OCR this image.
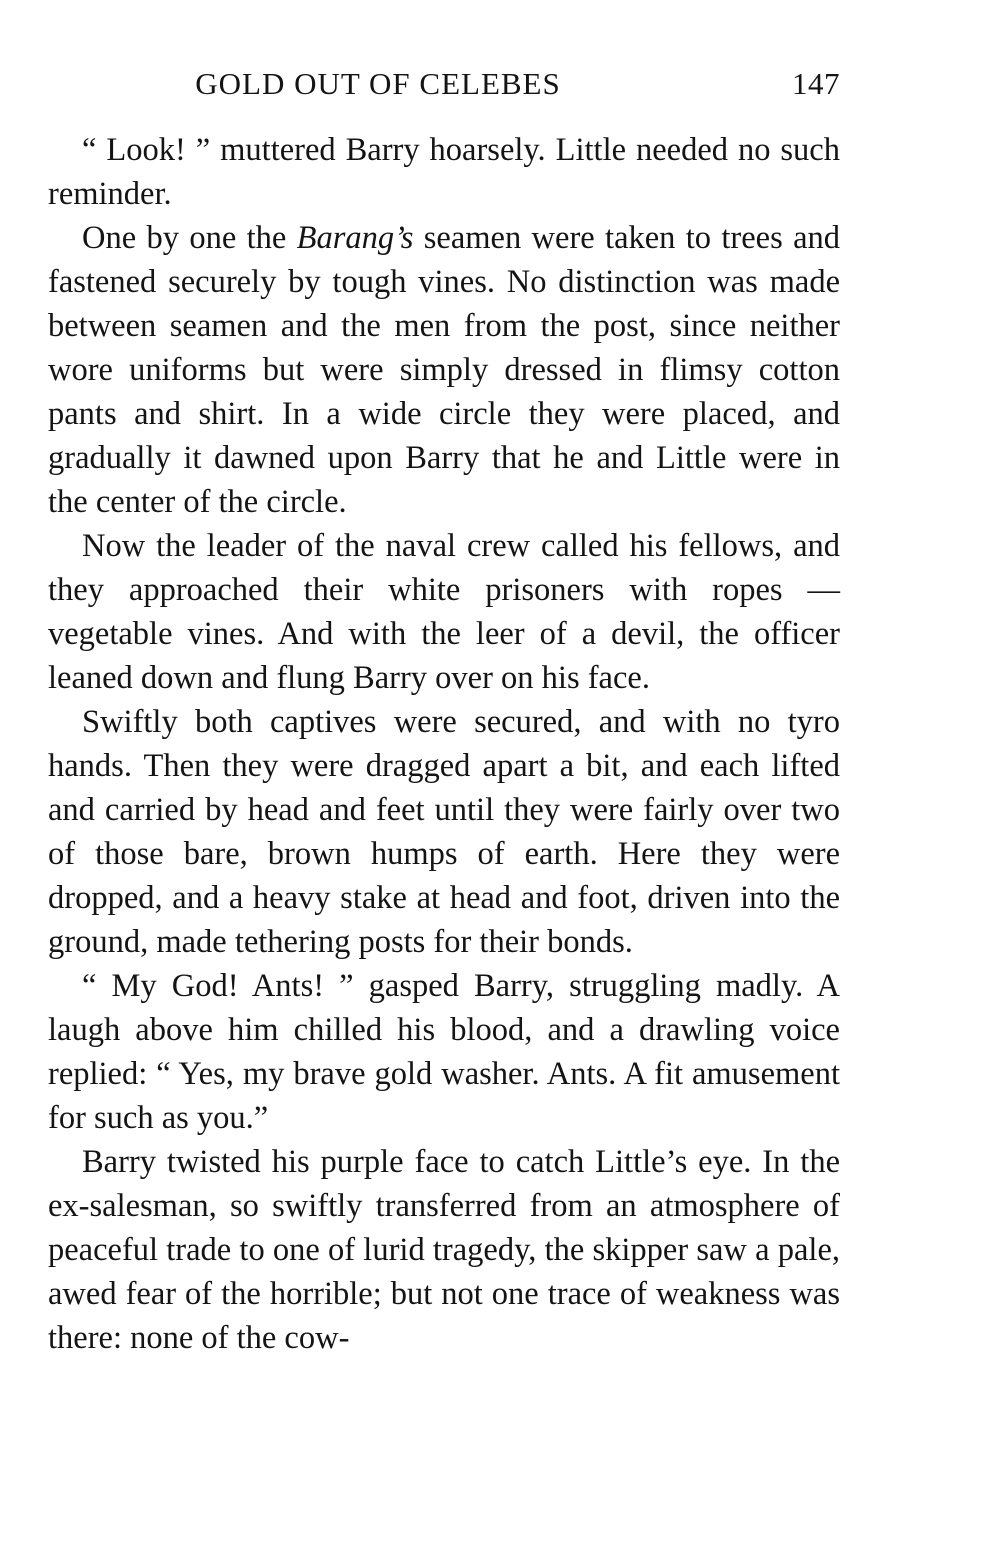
GOLD OUT OF CELEBES	147

“ Look! ” muttered Barry hoarsely. Little needed no such reminder.

One by one the Barang’s seamen were taken to trees and fastened securely by tough vines. No distinction was made between seamen and the men from the post, since neither wore uniforms but were simply dressed in flimsy cotton pants and shirt. In a wide circle they were placed, and gradually it dawned upon Barry that he and Little were in the center of the circle.

Now the leader of the naval crew called his fellows, and they approached their white prisoners with ropes — vegetable vines. And with the leer of a devil, the officer leaned down and flung Barry over on his face.

Swiftly both captives were secured, and with no tyro hands. Then they were dragged apart a bit, and each lifted and carried by head and feet until they were fairly over two of those bare, brown humps of earth. Here they were dropped, and a heavy stake at head and foot, driven into the ground, made tethering posts for their bonds.

“ My God! Ants! ” gasped Barry, struggling madly. A laugh above him chilled his blood, and a drawling voice replied: “ Yes, my brave gold washer. Ants. A fit amusement for such as you.”

Barry twisted his purple face to catch Little’s eye. In the ex-salesman, so swiftly transferred from an atmosphere of peaceful trade to one of lurid tragedy, the skipper saw a pale, awed fear of the horrible; but not one trace of weakness was there: none of the cow-
